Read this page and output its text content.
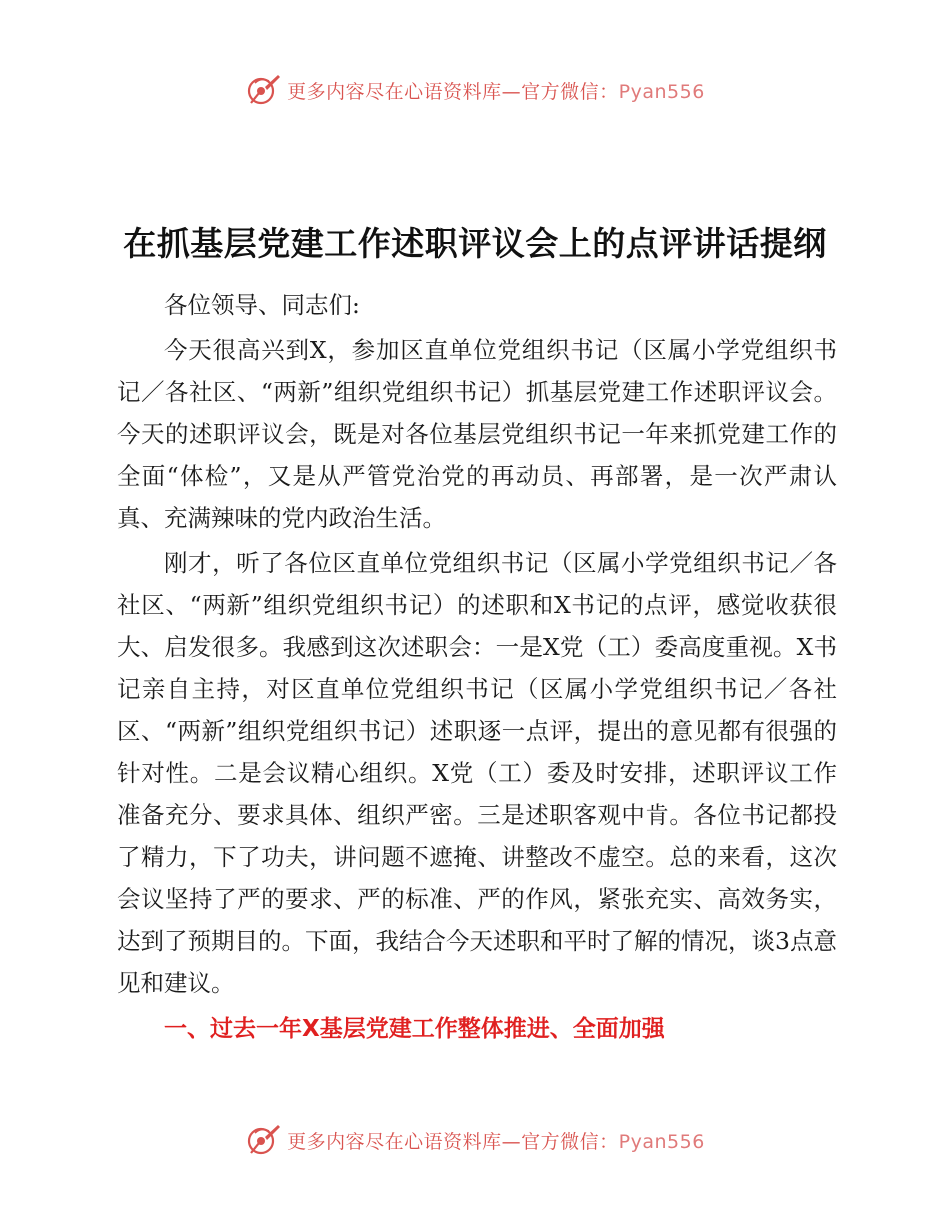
更多内容尽在心语资料库—官方微信：Pyan556
在抓基层党建工作述职评议会上的点评讲话提纲

各位领导、同志们:

今天很高兴到X，参加区直单位党组织书记（区属小学党组织书记／各社区、“两新”组织党组织书记）抓基层党建工作述职评议会。今天的述职评议会，既是对各位基层党组织书记一年来抓党建工作的全面“体检”，又是从严管党治党的再动员、再部署，是一次严肃认真、充满辣味的党内政治生活。

刚才，听了各位区直单位党组织书记（区属小学党组织书记／各社区、“两新”组织党组织书记）的述职和X书记的点评，感觉收获很大、启发很多。我感到这次述职会：一是X党（工）委高度重视。X书记亲自主持，对区直单位党组织书记（区属小学党组织书记／各社区、“两新”组织党组织书记）述职逐一点评，提出的意见都有很强的针对性。二是会议精心组织。X党（工）委及时安排，述职评议工作准备充分、要求具体、组织严密。三是述职客观中肯。各位书记都投了精力，下了功夫，讲问题不遮掩、讲整改不虚空。总的来看，这次会议坚持了严的要求、严的标准、严的作风，紧张充实、高效务实，达到了预期目的。下面，我结合今天述职和平时了解的情况，谈3点意见和建议。

一、过去一年X基层党建工作整体推进、全面加强

更多内容尽在心语资料库—官方微信：Pyan556
